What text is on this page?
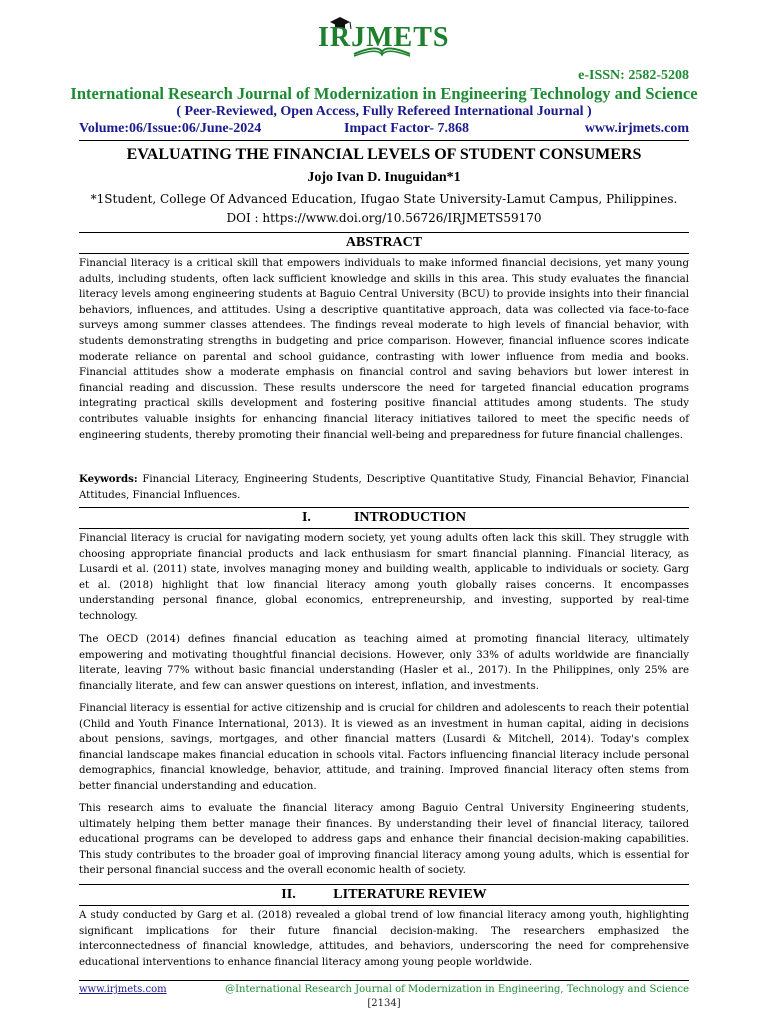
IRJMETS
e-ISSN: 2582-5208
International Research Journal of Modernization in Engineering Technology and Science
( Peer-Reviewed, Open Access, Fully Refereed International Journal )
Volume:06/Issue:06/June-2024	Impact Factor- 7.868	www.irjmets.com
EVALUATING THE FINANCIAL LEVELS OF STUDENT CONSUMERS
Jojo Ivan D. Inuguidan*1
*1Student, College Of Advanced Education, Ifugao State University-Lamut Campus, Philippines.
DOI : https://www.doi.org/10.56726/IRJMETS59170
ABSTRACT

Financial literacy is a critical skill that empowers individuals to make informed financial decisions, yet many young adults, including students, often lack sufficient knowledge and skills in this area. This study evaluates the financial literacy levels among engineering students at Baguio Central University (BCU) to provide insights into their financial behaviors, influences, and attitudes. Using a descriptive quantitative approach, data was collected via face-to-face surveys among summer classes attendees. The findings reveal moderate to high levels of financial behavior, with students demonstrating strengths in budgeting and price comparison. However, financial influence scores indicate moderate reliance on parental and school guidance, contrasting with lower influence from media and books. Financial attitudes show a moderate emphasis on financial control and saving behaviors but lower interest in financial reading and discussion. These results underscore the need for targeted financial education programs integrating practical skills development and fostering positive financial attitudes among students. The study contributes valuable insights for enhancing financial literacy initiatives tailored to meet the specific needs of engineering students, thereby promoting their financial well-being and preparedness for future financial challenges.

Keywords: Financial Literacy, Engineering Students, Descriptive Quantitative Study, Financial Behavior, Financial Attitudes, Financial Influences.

I.	INTRODUCTION

Financial literacy is crucial for navigating modern society, yet young adults often lack this skill. They struggle with choosing appropriate financial products and lack enthusiasm for smart financial planning. Financial literacy, as Lusardi et al. (2011) state, involves managing money and building wealth, applicable to individuals or society. Garg et al. (2018) highlight that low financial literacy among youth globally raises concerns. It encompasses understanding personal finance, global economics, entrepreneurship, and investing, supported by real-time technology.

The OECD (2014) defines financial education as teaching aimed at promoting financial literacy, ultimately empowering and motivating thoughtful financial decisions. However, only 33% of adults worldwide are financially literate, leaving 77% without basic financial understanding (Hasler et al., 2017). In the Philippines, only 25% are financially literate, and few can answer questions on interest, inflation, and investments.

Financial literacy is essential for active citizenship and is crucial for children and adolescents to reach their potential (Child and Youth Finance International, 2013). It is viewed as an investment in human capital, aiding in decisions about pensions, savings, mortgages, and other financial matters (Lusardi & Mitchell, 2014). Today's complex financial landscape makes financial education in schools vital. Factors influencing financial literacy include personal demographics, financial knowledge, behavior, attitude, and training. Improved financial literacy often stems from better financial understanding and education.

This research aims to evaluate the financial literacy among Baguio Central University Engineering students, ultimately helping them better manage their finances. By understanding their level of financial literacy, tailored educational programs can be developed to address gaps and enhance their financial decision-making capabilities. This study contributes to the broader goal of improving financial literacy among young adults, which is essential for their personal financial success and the overall economic health of society.

II.	LITERATURE REVIEW

A study conducted by Garg et al. (2018) revealed a global trend of low financial literacy among youth, highlighting significant implications for their future financial decision-making. The researchers emphasized the interconnectedness of financial knowledge, attitudes, and behaviors, underscoring the need for comprehensive educational interventions to enhance financial literacy among young people worldwide.

www.irjmets.com	@International Research Journal of Modernization in Engineering, Technology and Science
[2134]
